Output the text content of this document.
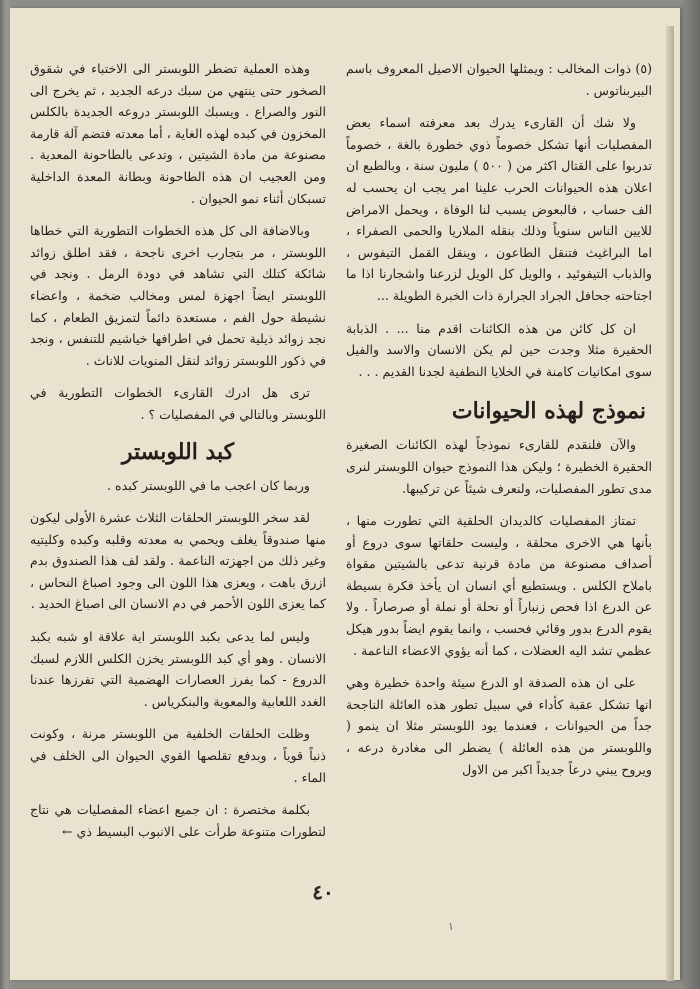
(٥) ذوات المخالب : ويمثلها الحيوان الاصيل المعروف باسم البيربناتوس .

ولا شك أن القارىء يدرك بعد معرفته اسماء بعض المفصليات أنها تشكل خصوماً ذوي خطورة بالغة ، خصوماً تدربوا على القتال اكثر من ( ٥٠٠ ) مليون سنة ، وبالطبع ان اعلان هذه الحيوانات الحرب علينا امر يجب ان يحسب له الف حساب ، فالبعوض يسبب لنا الوفاة ، ويحمل الامراض للايين الناس سنوياً وذلك بنقله الملاريا والحمى الصفراء ، اما البراغيث فتنقل الطاعون ، وينقل القمل التيفوس ، والذباب التيفوئيد ، والويل كل الويل لزرعنا واشجارنا اذا ما اجتاحته جحافل الجراد الجرارة ذات الخبرة الطويلة ...

ان كل كائن من هذه الكائنات اقدم منا ... . الذبابة الحقيرة مثلا وجدت حين لم يكن الانسان والاسد والفيل سوى امكانيات كامنة في الخلايا النطفية لجدنا القديم . . .

نموذج لهذه الحيوانات

والآن فلنقدم للقارىء نموذجاً لهذه الكائنات الصغيرة الحقيرة الخطيرة ؛ وليكن هذا النموذج حيوان اللوبستر لنرى مدى تطور المفصليات، ولنعرف شيئاً عن تركيبها.

تمتاز المفصليات كالديدان الحلقية التي تطورت منها ، بأنها هي الاخرى محلقة ، وليست حلقاتها سوى دروع أو أصداف مصنوعة من مادة قرنية تدعى بالشيتين مقواة باملاح الكلس . ويستطيع أي انسان ان يأخذ فكرة بسيطة عن الدرع اذا فحص زنباراً أو نحلة أو نملة أو صرصاراً . ولا يقوم الدرع بدور وقائي فحسب ، وانما يقوم ايضاً بدور هيكل عظمي تشد اليه العضلات ، كما أنه يؤوي الاعضاء الناعمة .

على ان هذه الصدفة او الدرع سيئة واحدة خطيرة وهي انها تشكل عقبة كأداء في سبيل تطور هذه العائلة الناجحة جداً من الحيوانات ، فعندما يود اللوبستر مثلا ان ينمو ( واللوبستر من هذه العائلة ) يضطر الى مغادرة درعه ، ويروح يبني درعاً جديداً اكبر من الاول

وهذه العملية تضطر اللوبستر الى الاختباء في شقوق الصخور حتى ينتهي من سبك درعه الجديد ، ثم يخرج الى النور والصراع . ويسبك اللوبستر دروعه الجديدة بالكلس المخزون في كبده لهذه الغاية ، أما معدته فتضم آلة قارمة مصنوعة من مادة الشيتين ، وتدعى بالطاحونة المعدية . ومن العجيب ان هذه الطاحونة وبطانة المعدة الداخلية تسبكان أثناء نمو الحيوان .

وبالاضافة الى كل هذه الخطوات التطورية التي خطاها اللوبستر ، مر بتجارب اخرى ناجحة ، فقد اطلق زوائد شائكة كتلك التي تشاهد في دودة الرمل . ونجد في اللوبستر ايضاً اجهزة لمس ومخالب ضخمة ، واعضاء نشيطة حول الفم ، مستعدة دائماً لتمزيق الطعام ، كما نجد زوائد ذيلية تحمل في اطرافها خياشيم للتنفس ، ونجد في ذكور اللوبستر زوائد لنقل المنويات للاناث .

ترى هل ادرك القارىء الخطوات التطورية في اللوبستر وبالتالي في المفصليات ؟ .

كبد اللوبستر

وربما كان اعجب ما في اللوبستر كبده .

لقد سخر اللوبستر الحلقات الثلاث عشرة الأولى ليكون منها صندوقاً يغلف ويحمي به معدته وقلبه وكبده وكليتيه وغير ذلك من اجهزته الناعمة . ولقد لف هذا الصندوق بدم ازرق باهت ، ويعزى هذا اللون الى وجود اصباغ النحاس ، كما يعزى اللون الأحمر في دم الانسان الى اصباغ الحديد .

وليس لما يدعى بكبد اللوبستر اية علاقة او شبه بكبد الانسان . وهو أي كبد اللوبستر يخزن الكلس اللازم لسبك الدروع - كما يفرز العصارات الهضمية التي تفرزها عندنا الغدد اللعابية والمعوية والبنكرياس .

وظلت الحلقات الخلفية من اللوبستر مرنة ، وكونت ذنباً قوياً ، وبدفع تقلصها القوي الحيوان الى الخلف في الماء .

بكلمة مختصرة : ان جميع اعضاء المفصليات هي نتاج لتطورات متنوعة طرأت على الانبوب البسيط ذي ←

٤٠
١
